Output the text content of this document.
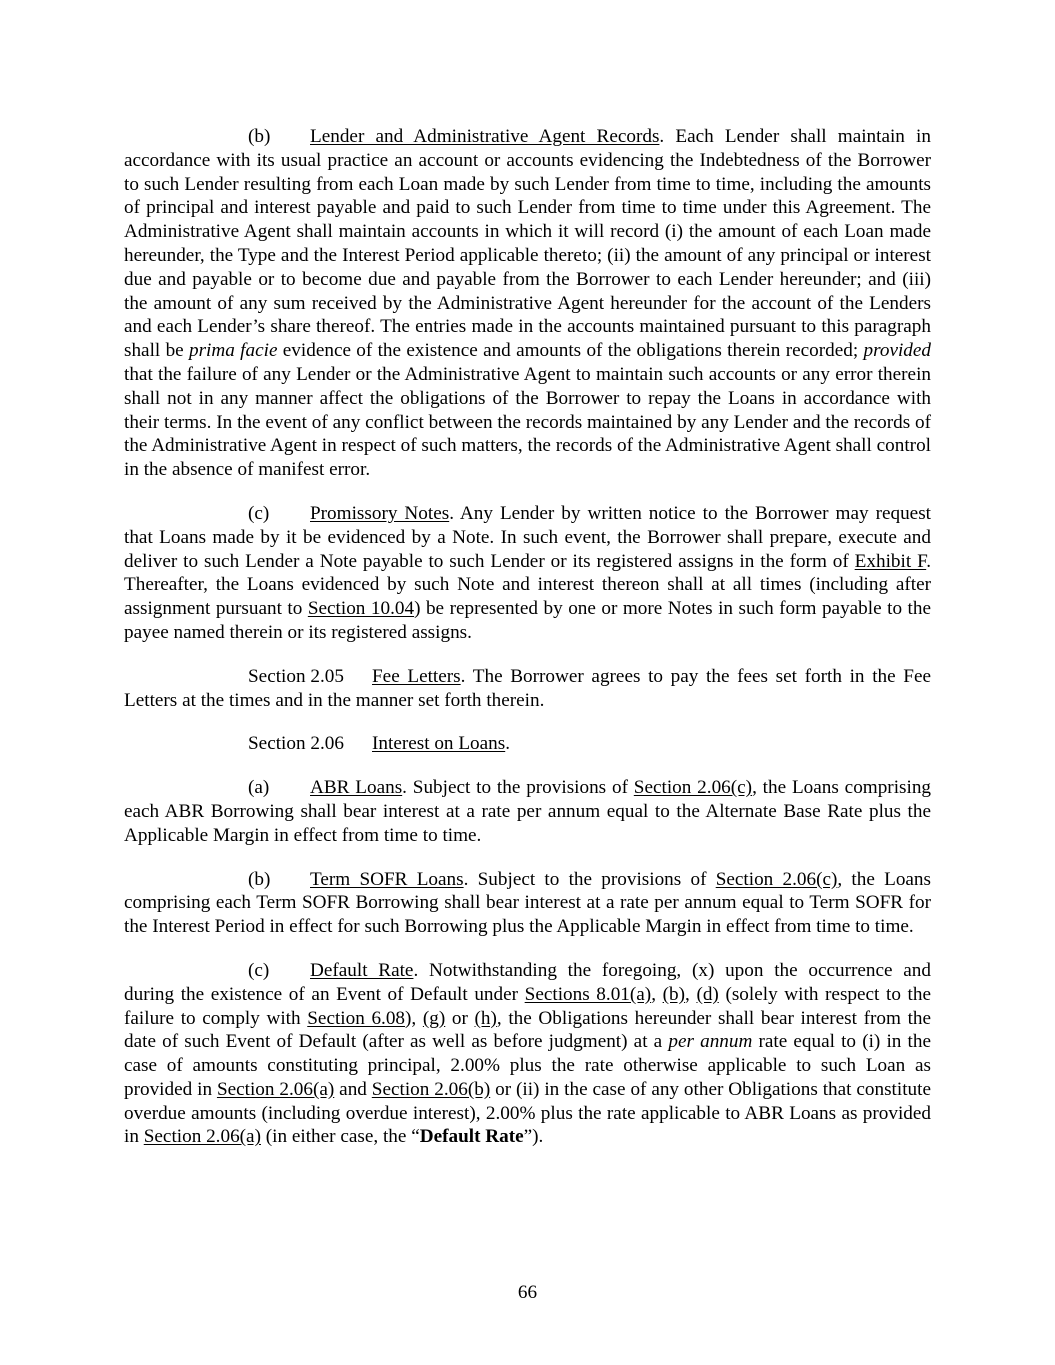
(b) Lender and Administrative Agent Records. Each Lender shall maintain in accordance with its usual practice an account or accounts evidencing the Indebtedness of the Borrower to such Lender resulting from each Loan made by such Lender from time to time, including the amounts of principal and interest payable and paid to such Lender from time to time under this Agreement. The Administrative Agent shall maintain accounts in which it will record (i) the amount of each Loan made hereunder, the Type and the Interest Period applicable thereto; (ii) the amount of any principal or interest due and payable or to become due and payable from the Borrower to each Lender hereunder; and (iii) the amount of any sum received by the Administrative Agent hereunder for the account of the Lenders and each Lender’s share thereof. The entries made in the accounts maintained pursuant to this paragraph shall be prima facie evidence of the existence and amounts of the obligations therein recorded; provided that the failure of any Lender or the Administrative Agent to maintain such accounts or any error therein shall not in any manner affect the obligations of the Borrower to repay the Loans in accordance with their terms. In the event of any conflict between the records maintained by any Lender and the records of the Administrative Agent in respect of such matters, the records of the Administrative Agent shall control in the absence of manifest error.

(c) Promissory Notes. Any Lender by written notice to the Borrower may request that Loans made by it be evidenced by a Note. In such event, the Borrower shall prepare, execute and deliver to such Lender a Note payable to such Lender or its registered assigns in the form of Exhibit F. Thereafter, the Loans evidenced by such Note and interest thereon shall at all times (including after assignment pursuant to Section 10.04) be represented by one or more Notes in such form payable to the payee named therein or its registered assigns.

Section 2.05 Fee Letters. The Borrower agrees to pay the fees set forth in the Fee Letters at the times and in the manner set forth therein.

Section 2.06 Interest on Loans.

(a) ABR Loans. Subject to the provisions of Section 2.06(c), the Loans comprising each ABR Borrowing shall bear interest at a rate per annum equal to the Alternate Base Rate plus the Applicable Margin in effect from time to time.

(b) Term SOFR Loans. Subject to the provisions of Section 2.06(c), the Loans comprising each Term SOFR Borrowing shall bear interest at a rate per annum equal to Term SOFR for the Interest Period in effect for such Borrowing plus the Applicable Margin in effect from time to time.

(c) Default Rate. Notwithstanding the foregoing, (x) upon the occurrence and during the existence of an Event of Default under Sections 8.01(a), (b), (d) (solely with respect to the failure to comply with Section 6.08), (g) or (h), the Obligations hereunder shall bear interest from the date of such Event of Default (after as well as before judgment) at a per annum rate equal to (i) in the case of amounts constituting principal, 2.00% plus the rate otherwise applicable to such Loan as provided in Section 2.06(a) and Section 2.06(b) or (ii) in the case of any other Obligations that constitute overdue amounts (including overdue interest), 2.00% plus the rate applicable to ABR Loans as provided in Section 2.06(a) (in either case, the “Default Rate”).

66
